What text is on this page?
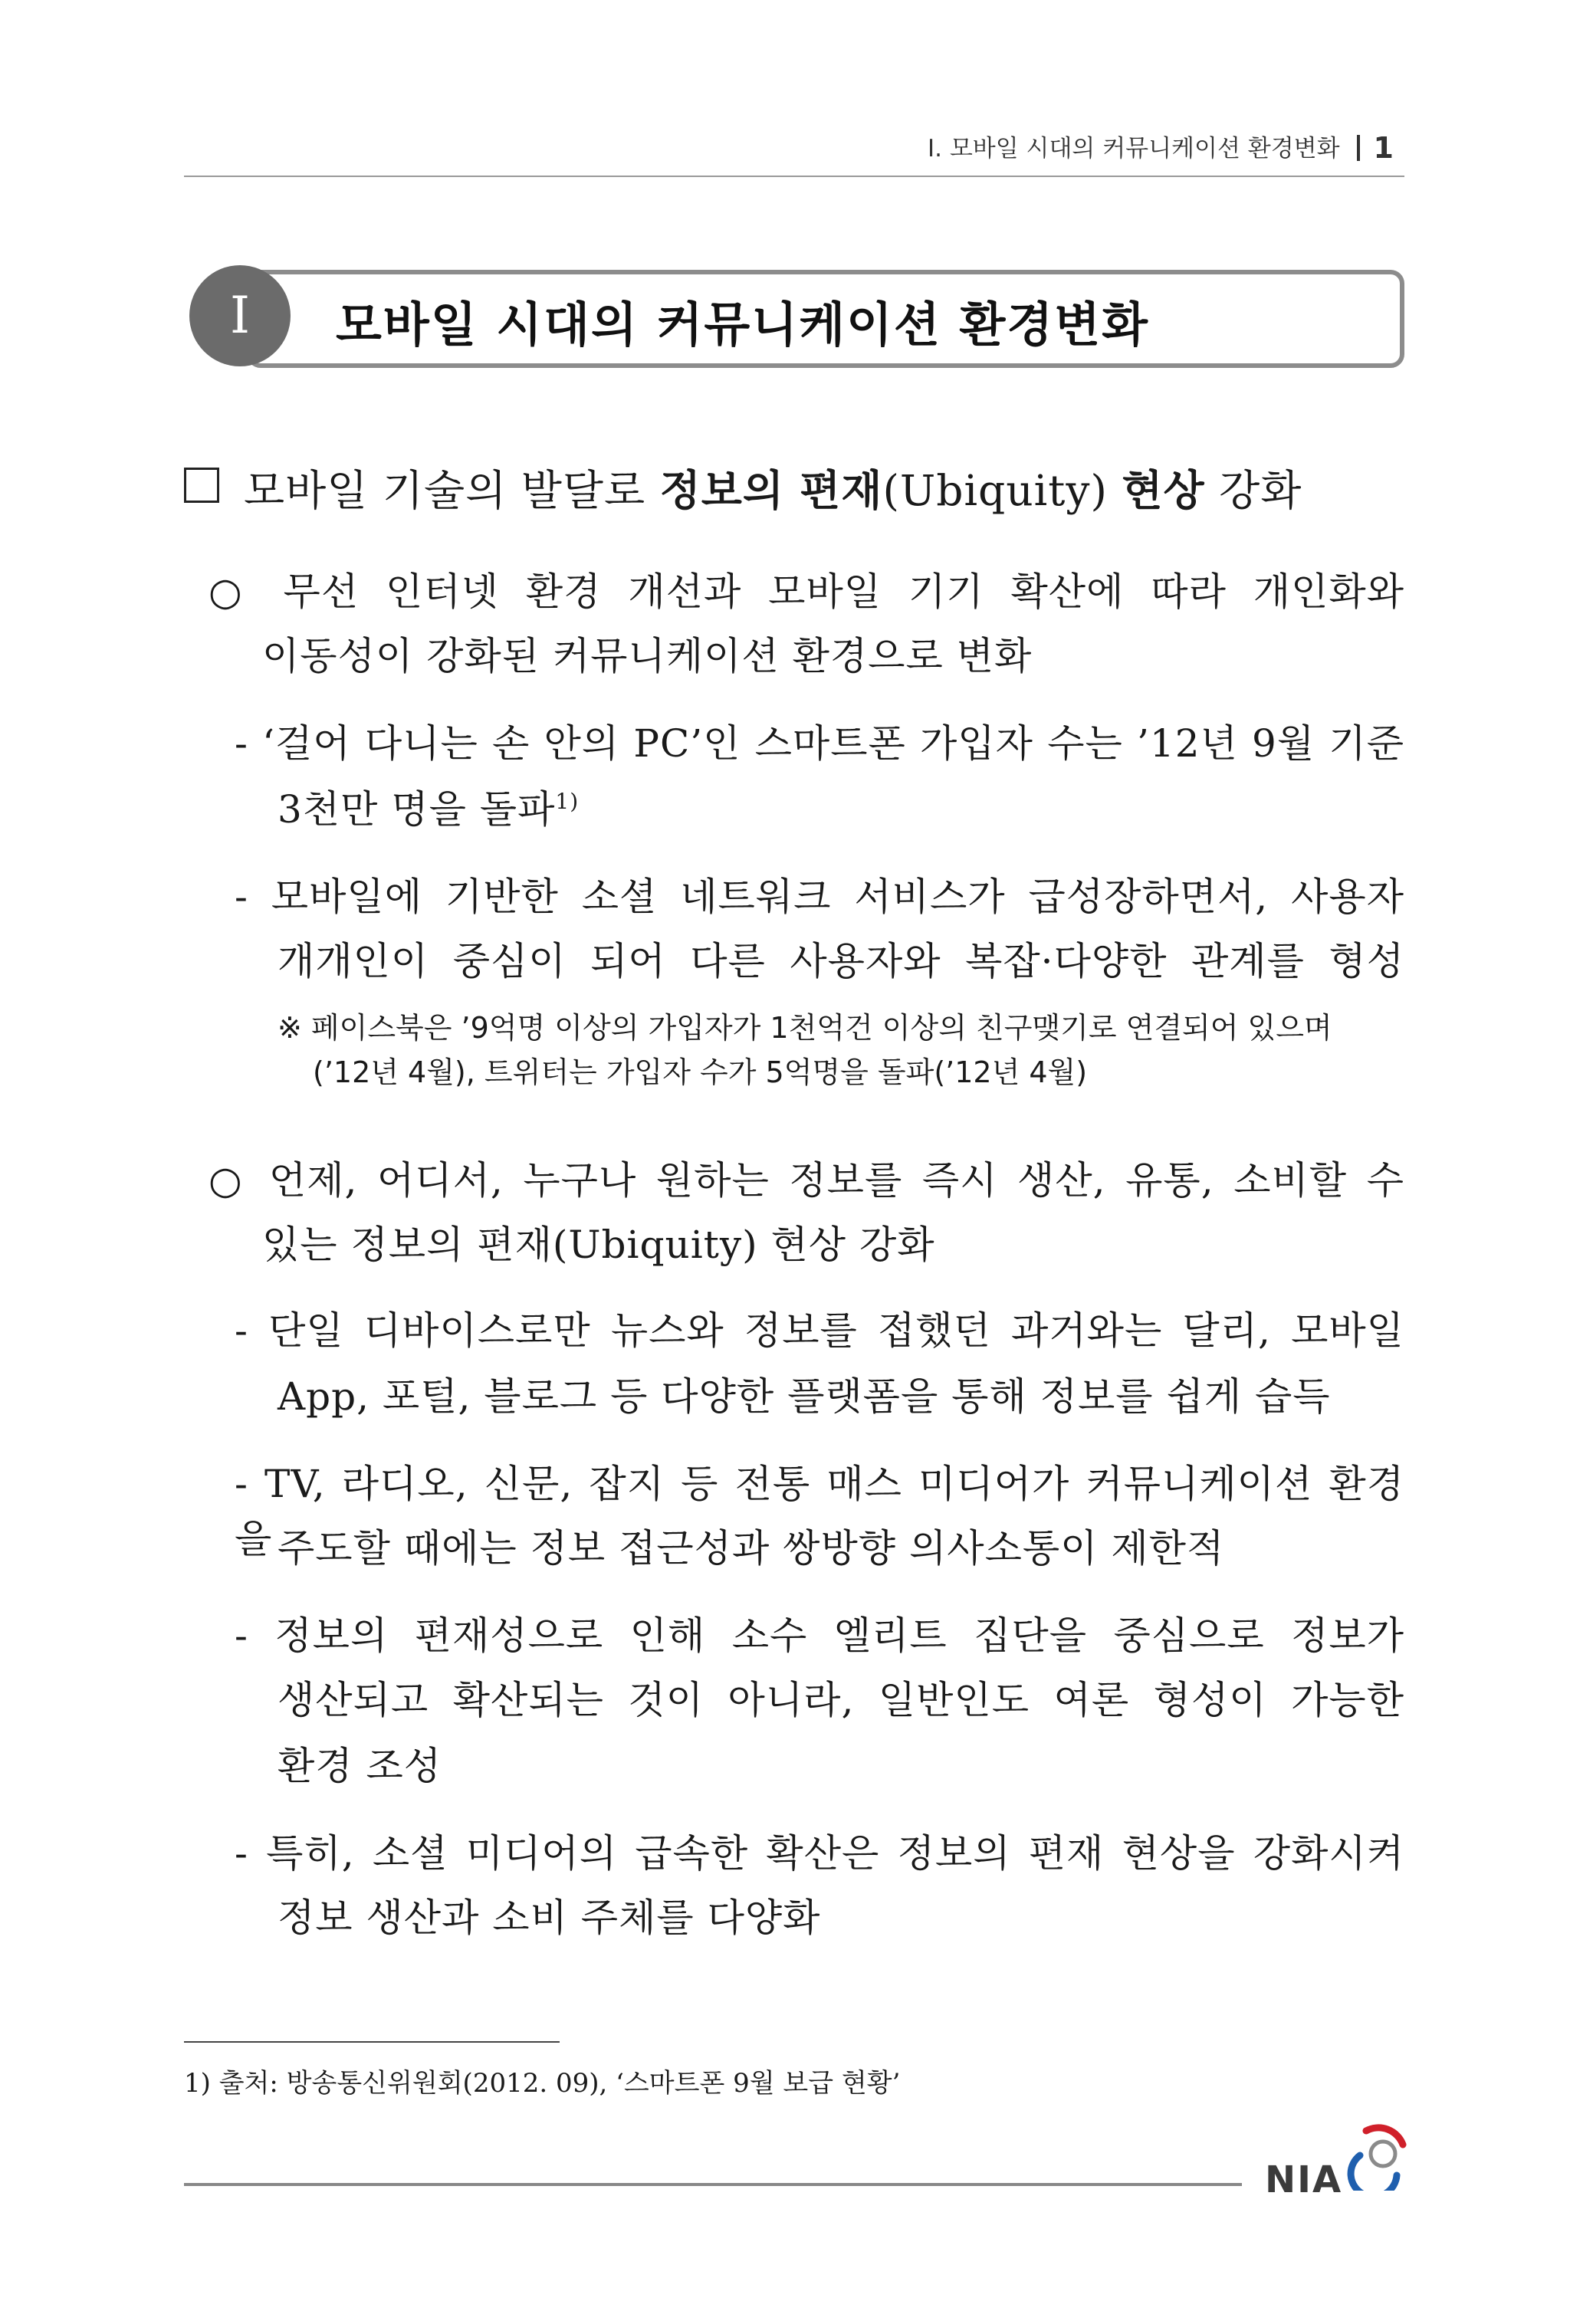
Ⅰ. 모바일 시대의 커뮤니케이션 환경변화 1
Ⅰ	모바일 시대의 커뮤니케이션 환경변화
모바일 기술의 발달로 정보의 편재(Ubiquity) 현상 강화
○ 무선 인터넷 환경 개선과 모바일 기기 확산에 따라 개인화와
이동성이 강화된 커뮤니케이션 환경으로 변화
- ‘걸어 다니는 손 안의 PC’인 스마트폰 가입자 수는 ’12년 9월 기준
3천만 명을 돌파$^{1)}$
- 모바일에 기반한 소셜 네트워크 서비스가 급성장하면서, 사용자
개개인이 중심이 되어 다른 사용자와 복잡·다양한 관계를 형성
※ 페이스북은 ’9억명 이상의 가입자가 1천억건 이상의 친구맺기로 연결되어 있으며
(’12년 4월), 트위터는 가입자 수가 5억명을 돌파(’12년 4월)
○ 언제, 어디서, 누구나 원하는 정보를 즉시 생산, 유통, 소비할 수
있는 정보의 편재(Ubiquity) 현상 강화
- 단일 디바이스로만 뉴스와 정보를 접했던 과거와는 달리, 모바일
App, 포털, 블로그 등 다양한 플랫폼을 통해 정보를 쉽게 습득
- TV, 라디오, 신문, 잡지 등 전통 매스 미디어가 커뮤니케이션 환경을 주도할 때에는 정보 접근성과 쌍방향 의사소통이 제한적
- 정보의 편재성으로 인해 소수 엘리트 집단을 중심으로 정보가
생산되고 확산되는 것이 아니라, 일반인도 여론 형성이 가능한
환경 조성
- 특히, 소셜 미디어의 급속한 확산은 정보의 편재 현상을 강화시켜
정보 생산과 소비 주체를 다양화
1) 출처: 방송통신위원회(2012. 09), ‘스마트폰 9월 보급 현황’
NIA
